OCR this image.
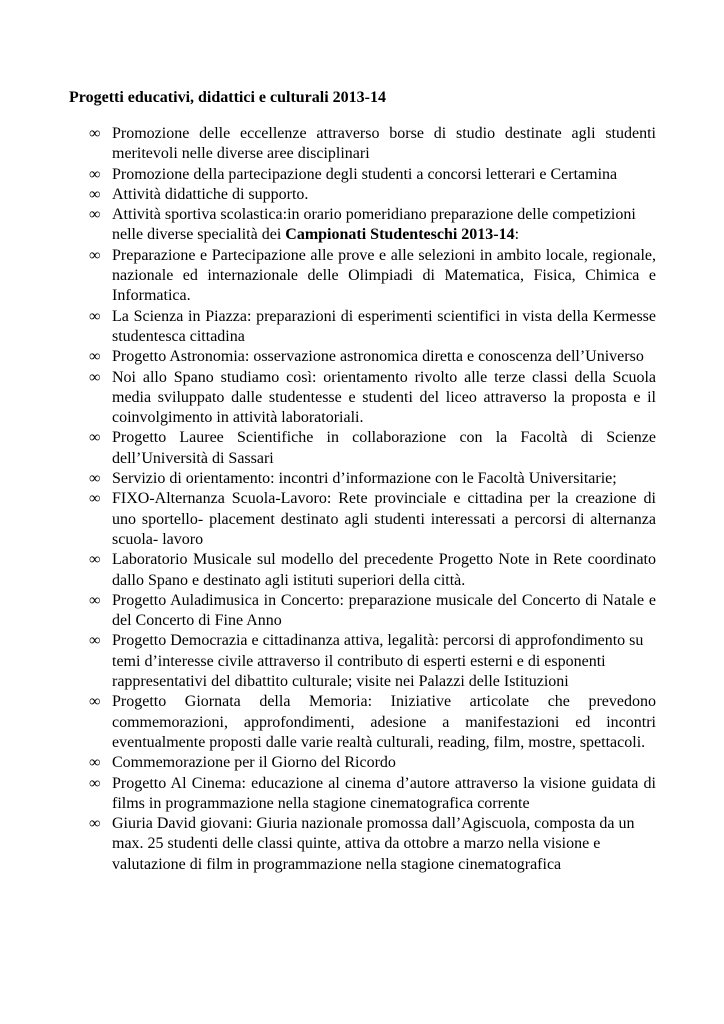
Progetti educativi, didattici e culturali 2013-14
∞ Promozione delle eccellenze attraverso borse di studio destinate agli studenti meritevoli nelle diverse aree disciplinari
∞ Promozione della partecipazione degli studenti a concorsi letterari e Certamina
∞ Attività didattiche di supporto.
∞ Attività sportiva scolastica:in orario pomeridiano preparazione delle competizioni nelle diverse specialità dei Campionati Studenteschi 2013-14:
∞ Preparazione e Partecipazione alle prove e alle selezioni in ambito locale, regionale, nazionale ed internazionale delle Olimpiadi di Matematica, Fisica, Chimica e Informatica.
∞ La Scienza in Piazza: preparazioni di esperimenti scientifici in vista della Kermesse studentesca cittadina
∞ Progetto Astronomia: osservazione astronomica diretta e conoscenza dell’Universo
∞ Noi allo Spano studiamo così: orientamento rivolto alle terze classi della Scuola media sviluppato dalle studentesse e studenti del liceo attraverso la proposta e il coinvolgimento in attività laboratoriali.
∞ Progetto Lauree Scientifiche in collaborazione con la Facoltà di Scienze dell’Università di Sassari
∞ Servizio di orientamento: incontri d’informazione con le Facoltà Universitarie;
∞ FIXO-Alternanza Scuola-Lavoro: Rete provinciale e cittadina per la creazione di uno sportello- placement destinato agli studenti interessati a percorsi di alternanza scuola- lavoro
∞ Laboratorio Musicale sul modello del precedente Progetto Note in Rete coordinato dallo Spano e destinato agli istituti superiori della città.
∞ Progetto Auladimusica in Concerto: preparazione musicale del Concerto di Natale e del Concerto di Fine Anno
∞ Progetto Democrazia e cittadinanza attiva, legalità: percorsi di approfondimento su temi d’interesse civile attraverso il contributo di esperti esterni e di esponenti rappresentativi del dibattito culturale; visite nei Palazzi delle Istituzioni
∞ Progetto Giornata della Memoria: Iniziative articolate che prevedono commemorazioni, approfondimenti, adesione a manifestazioni ed incontri eventualmente proposti dalle varie realtà culturali, reading, film, mostre, spettacoli.
∞ Commemorazione per il Giorno del Ricordo
∞ Progetto Al Cinema: educazione al cinema d’autore attraverso la visione guidata di films in programmazione nella stagione cinematografica corrente
∞ Giuria David giovani: Giuria nazionale promossa dall’Agiscuola, composta da un max. 25 studenti delle classi quinte, attiva da ottobre a marzo nella visione e valutazione di film in programmazione nella stagione cinematografica
